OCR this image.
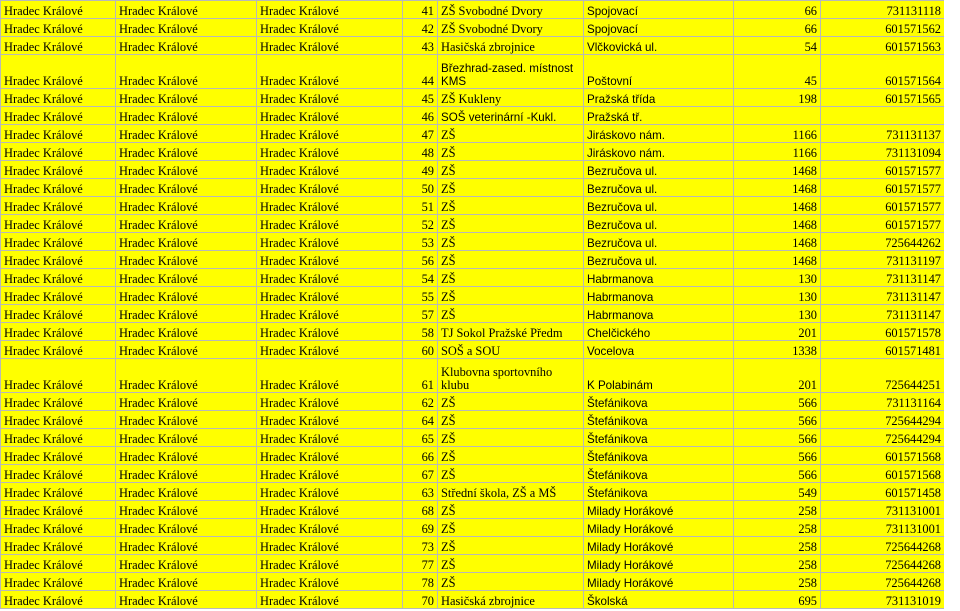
Hradec Králové	Hradec Králové	Hradec Králové	41	ZŠ Svobodné Dvory	Spojovací	66	731131118
Hradec Králové	Hradec Králové	Hradec Králové	42	ZŠ Svobodné Dvory	Spojovací	66	601571562
Hradec Králové	Hradec Králové	Hradec Králové	43	Hasičská zbrojnice	Vlčkovická ul.	54	601571563
Hradec Králové	Hradec Králové	Hradec Králové	44	Březhrad-zased. místnost KMS	Poštovní	45	601571564
Hradec Králové	Hradec Králové	Hradec Králové	45	ZŠ Kukleny	Pražská třída	198	601571565
Hradec Králové	Hradec Králové	Hradec Králové	46	SOŠ veterinární -Kukl.	Pražská tř.		
Hradec Králové	Hradec Králové	Hradec Králové	47	ZŠ	Jiráskovo nám.	1166	731131137
Hradec Králové	Hradec Králové	Hradec Králové	48	ZŠ	Jiráskovo nám.	1166	731131094
Hradec Králové	Hradec Králové	Hradec Králové	49	ZŠ	Bezručova ul.	1468	601571577
Hradec Králové	Hradec Králové	Hradec Králové	50	ZŠ	Bezručova ul.	1468	601571577
Hradec Králové	Hradec Králové	Hradec Králové	51	ZŠ	Bezručova ul.	1468	601571577
Hradec Králové	Hradec Králové	Hradec Králové	52	ZŠ	Bezručova ul.	1468	601571577
Hradec Králové	Hradec Králové	Hradec Králové	53	ZŠ	Bezručova ul.	1468	725644262
Hradec Králové	Hradec Králové	Hradec Králové	56	ZŠ	Bezručova ul.	1468	731131197
Hradec Králové	Hradec Králové	Hradec Králové	54	ZŠ	Habrmanova	130	731131147
Hradec Králové	Hradec Králové	Hradec Králové	55	ZŠ	Habrmanova	130	731131147
Hradec Králové	Hradec Králové	Hradec Králové	57	ZŠ	Habrmanova	130	731131147
Hradec Králové	Hradec Králové	Hradec Králové	58	TJ Sokol Pražské Předm	Chelčického	201	601571578
Hradec Králové	Hradec Králové	Hradec Králové	60	SOŠ a SOU	Vocelova	1338	601571481
Hradec Králové	Hradec Králové	Hradec Králové	61	Klubovna sportovního klubu	K Polabinám	201	725644251
Hradec Králové	Hradec Králové	Hradec Králové	62	ZŠ	Štefánikova	566	731131164
Hradec Králové	Hradec Králové	Hradec Králové	64	ZŠ	Štefánikova	566	725644294
Hradec Králové	Hradec Králové	Hradec Králové	65	ZŠ	Štefánikova	566	725644294
Hradec Králové	Hradec Králové	Hradec Králové	66	ZŠ	Štefánikova	566	601571568
Hradec Králové	Hradec Králové	Hradec Králové	67	ZŠ	Štefánikova	566	601571568
Hradec Králové	Hradec Králové	Hradec Králové	63	Střední škola, ZŠ a MŠ	Štefánikova	549	601571458
Hradec Králové	Hradec Králové	Hradec Králové	68	ZŠ	Milady Horákové	258	731131001
Hradec Králové	Hradec Králové	Hradec Králové	69	ZŠ	Milady Horákové	258	731131001
Hradec Králové	Hradec Králové	Hradec Králové	73	ZŠ	Milady Horákové	258	725644268
Hradec Králové	Hradec Králové	Hradec Králové	77	ZŠ	Milady Horákové	258	725644268
Hradec Králové	Hradec Králové	Hradec Králové	78	ZŠ	Milady Horákové	258	725644268
Hradec Králové	Hradec Králové	Hradec Králové	70	Hasičská zbrojnice	Školská	695	731131019
